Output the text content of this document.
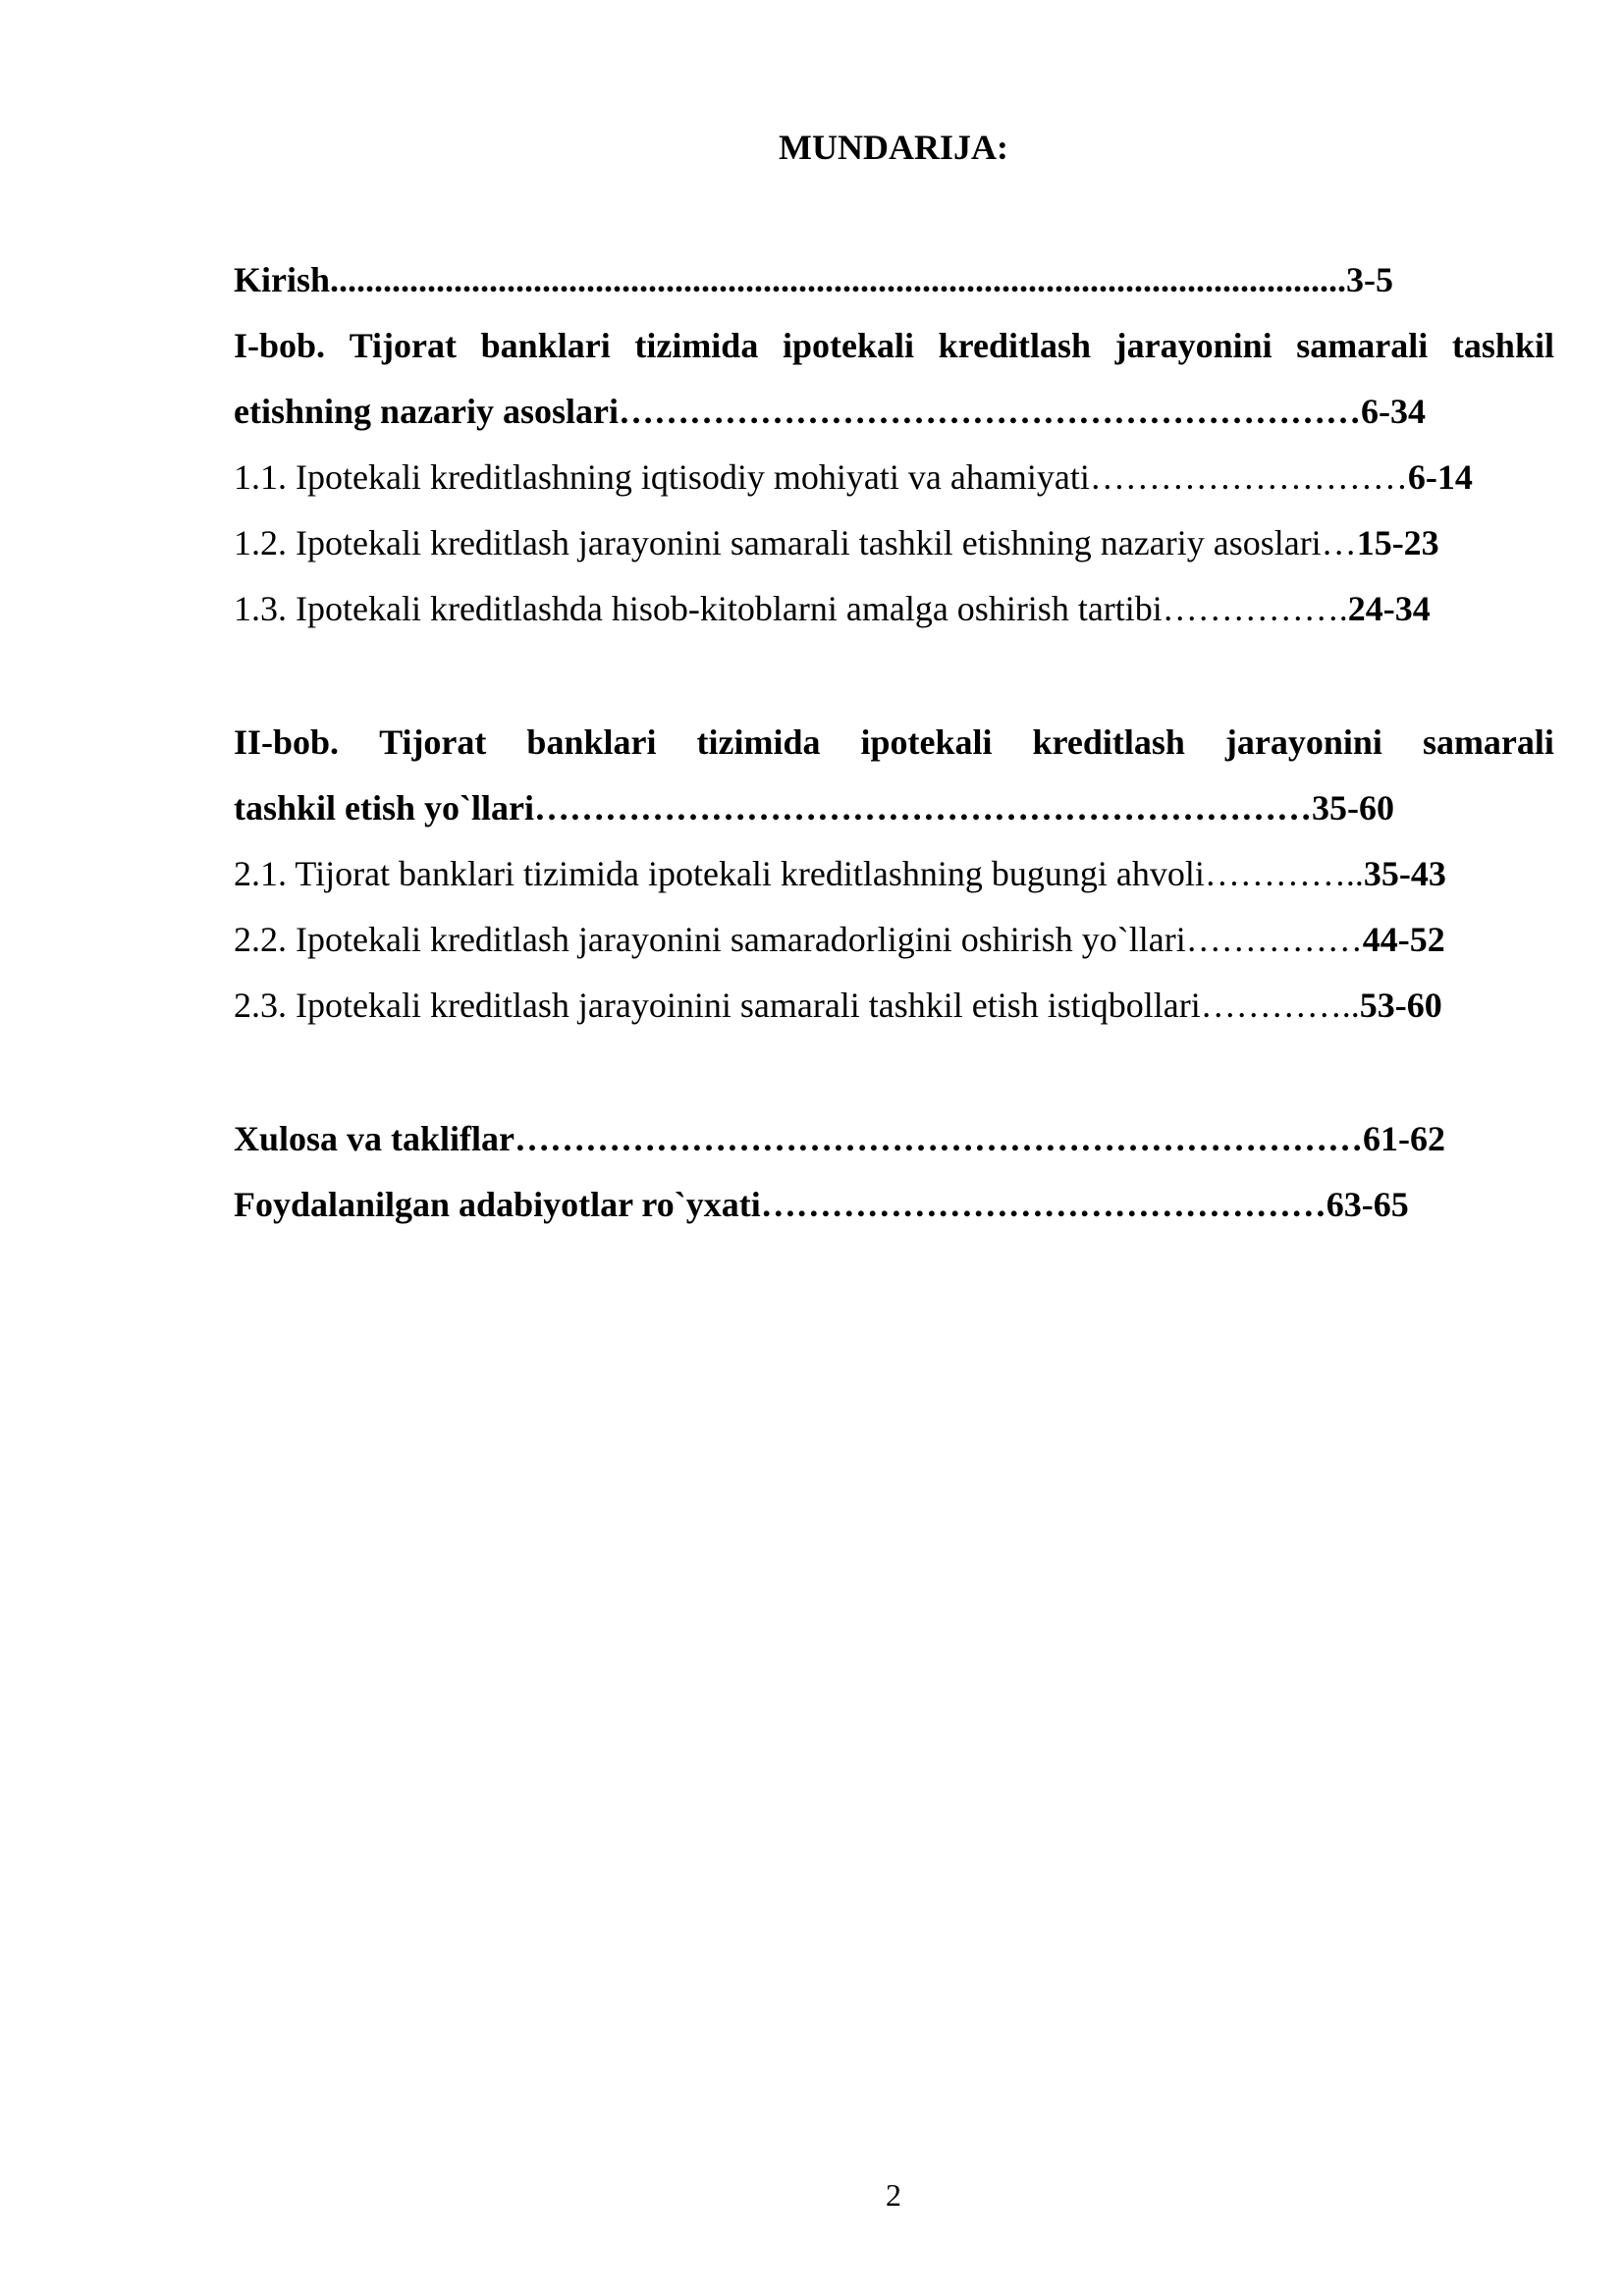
MUNDARIJA:
Kirish...................................................................................................................3-5
I-bob. Tijorat banklari tizimida ipotekali kreditlash jarayonini samarali tashkil
etishning nazariy asoslari………………………………………………………6-34
1.1. Ipotekali kreditlashning iqtisodiy mohiyati va ahamiyati………………………6-14
1.2. Ipotekali kreditlash jarayonini samarali tashkil etishning nazariy asoslari…15-23
1.3. Ipotekali kreditlashda hisob-kitoblarni amalga oshirish tartibi…………….24-34
II-bob. Tijorat banklari tizimida ipotekali kreditlash jarayonini samarali
tashkil etish yo`llari…………………………………………………………35-60
2.1. Tijorat banklari tizimida ipotekali kreditlashning bugungi ahvoli…………..35-43
2.2. Ipotekali kreditlash jarayonini samaradorligini oshirish yo`llari……………44-52
2.3. Ipotekali kreditlash jarayoinini samarali tashkil etish istiqbollari…………..53-60
Xulosa va takliflar………………………………………………………………61-62
Foydalanilgan adabiyotlar ro`yxati…………………………………………63-65
2
